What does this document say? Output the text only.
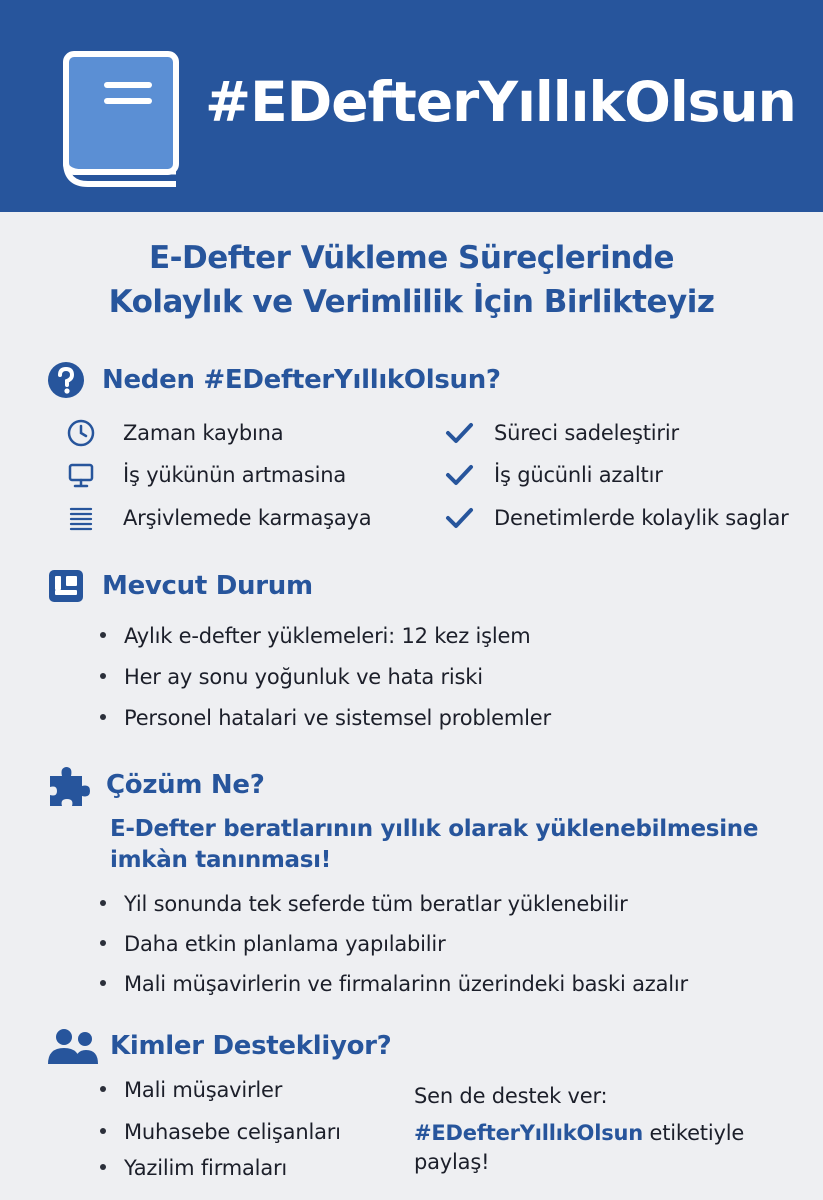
#EDefterYıllıkOlsun
E-Defter Vükleme Süreçlerinde
Kolaylık ve Verimlilik İçin Birlikteyiz
Neden #EDefterYıllıkOlsun?
Zaman kaybına
İş yükünün artmasina
Arşivlemede karmaşaya
Süreci sadeleştirir
İş gücünli azaltır
Denetimlerde kolaylik saglar
Mevcut Durum
Aylık e-defter yüklemeleri: 12 kez işlem
Her ay sonu yoğunluk ve hata riski
Personel hatalari ve sistemsel problemler
Çözüm Ne?
E-Defter beratlarının yıllık olarak yüklenebilmesine
imkàn tanınması!
Yil sonunda tek seferde tüm beratlar yüklenebilir
Daha etkin planlama yapılabilir
Mali müşavirlerin ve firmalarinn üzerindeki baski azalır
Kimler Destekliyor?
Mali müşavirler
Muhasebe celişanları
Yazilim firmaları
Sen de destek ver:
#EDefterYıllıkOlsun etiketiyle
paylaş!
